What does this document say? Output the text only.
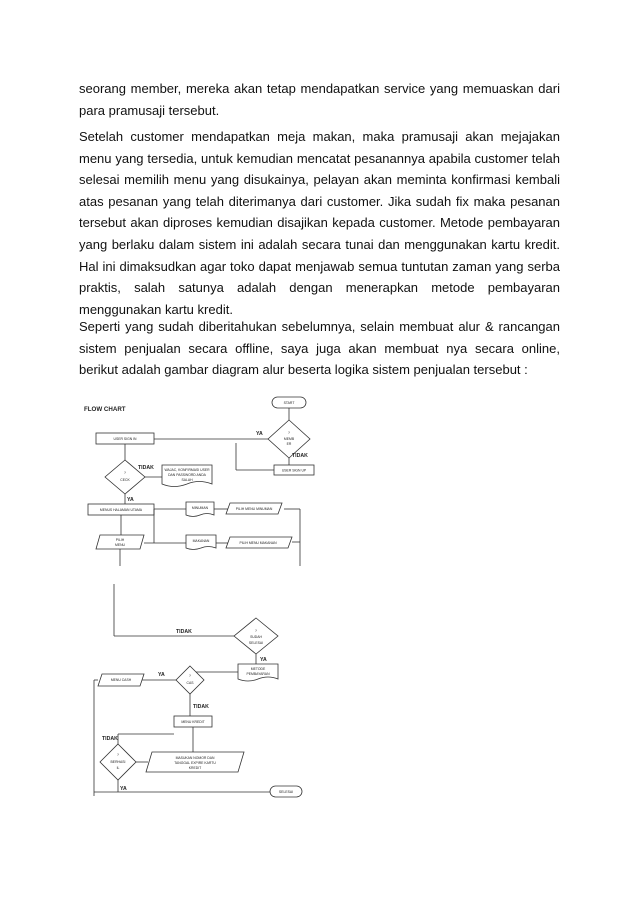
seorang member, mereka akan tetap mendapatkan service yang memuaskan dari para pramusaji tersebut.

Setelah customer mendapatkan meja makan, maka pramusaji akan mejajakan menu yang tersedia, untuk kemudian mencatat pesanannya apabila customer telah selesai memilih menu yang disukainya, pelayan akan meminta konfirmasi kembali atas pesanan yang telah diterimanya dari customer. Jika sudah fix maka pesanan tersebut akan diproses kemudian disajikan kepada customer. Metode pembayaran yang berlaku dalam sistem ini adalah secara tunai dan menggunakan kartu kredit. Hal ini dimaksudkan agar toko dapat menjawab semua tuntutan zaman yang serba praktis, salah satunya adalah dengan menerapkan metode pembayaran menggunakan kartu kredit.

Seperti yang sudah diberitahukan sebelumnya, selain membuat alur & rancangan sistem penjualan secara offline, saya juga akan membuat nya secara online, berikut adalah gambar diagram alur beserta logika sistem penjualan tersebut :

FLOW CHART
START
?
MEMB
ER
YA
USER SIGN IN
TIDAK
USER SIGN UP
?
CECK
TIDAK	WAJAC, KONFIRMASI USER
DAN PASSWORD ANDA
SALAH
YA
MENUS HALAMAN UTAMA	MINUMAN	PILIH MENU MINUMAN
PILIH
MENU
MAKANAN	PILIH MENU MAKANAN
TIDAK	?
SUDAH
SELESAI
YA
METODE
PEMBAYARAN
?
CAS
YA
MENU CASH
TIDAK
MENU KREDIT
MASUKAN NOMOR DAN
TANGGAL EXPIRE KARTU
KREDIT
?
BERHASI
IL
TIDAK
YA	SELESAI
